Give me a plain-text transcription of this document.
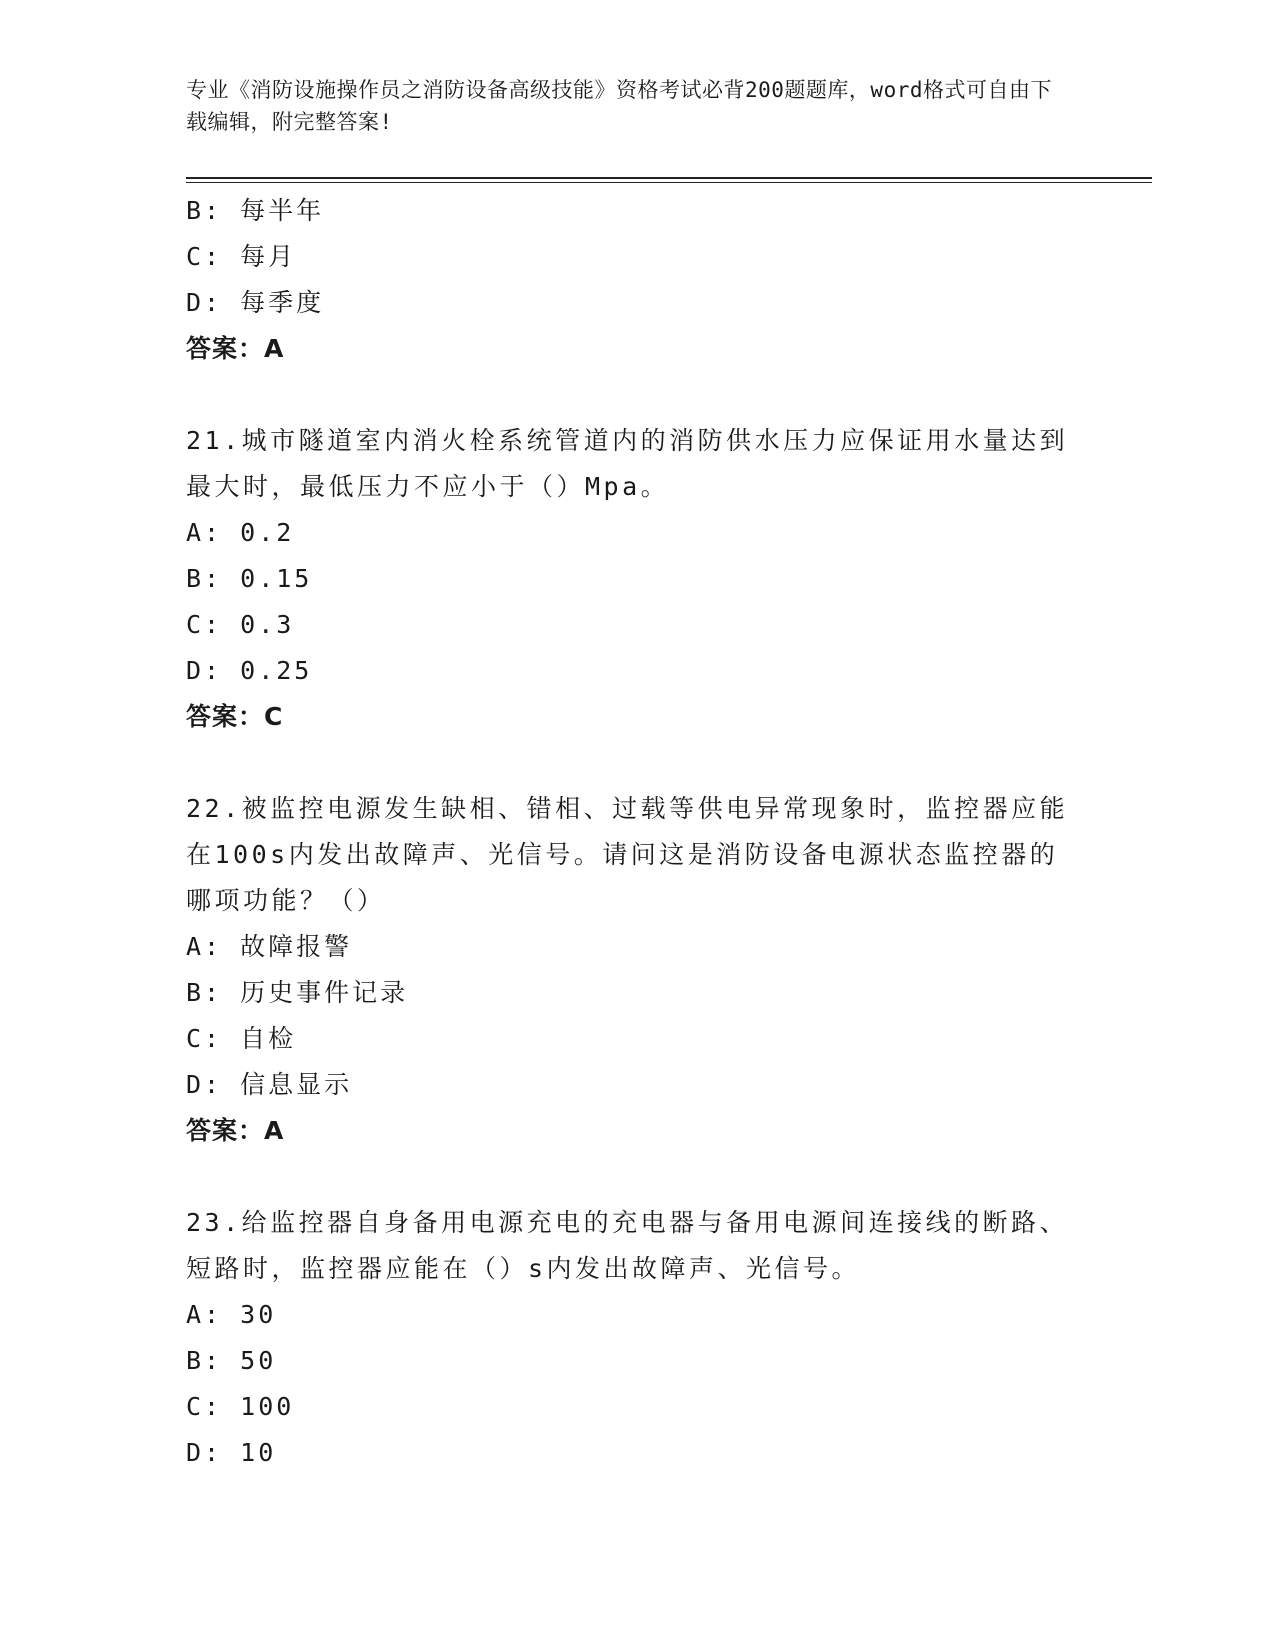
专业《消防设施操作员之消防设备高级技能》资格考试必背200题题库，word格式可自由下载编辑，附完整答案!
B: 每半年
C: 每月
D: 每季度
答案：A
21.城市隧道室内消火栓系统管道内的消防供水压力应保证用水量达到最大时，最低压力不应小于（）Mpa。
A: 0.2
B: 0.15
C: 0.3
D: 0.25
答案：C
22.被监控电源发生缺相、错相、过载等供电异常现象时，监控器应能在100s内发出故障声、光信号。请问这是消防设备电源状态监控器的哪项功能？（）
A: 故障报警
B: 历史事件记录
C: 自检
D: 信息显示
答案：A
23.给监控器自身备用电源充电的充电器与备用电源间连接线的断路、短路时，监控器应能在（）s内发出故障声、光信号。
A: 30
B: 50
C: 100
D: 10
